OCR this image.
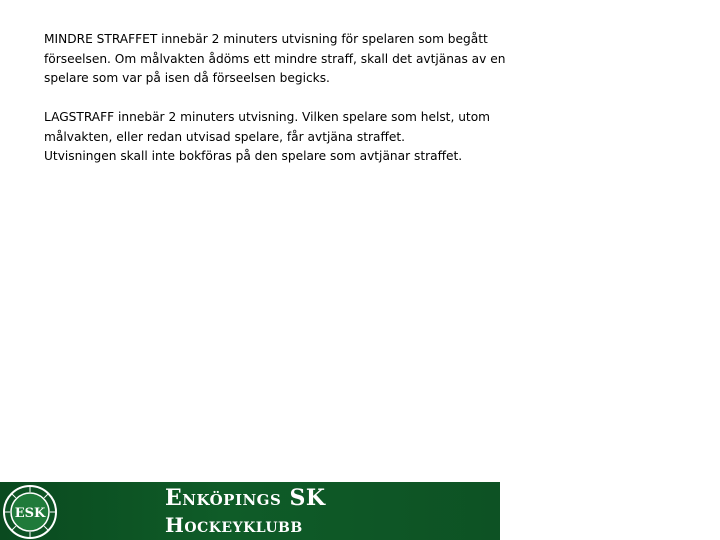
MINDRE STRAFFET innebär 2 minuters utvisning för spelaren som begått
förseelsen. Om målvakten ådöms ett mindre straff, skall det avtjänas av en
spelare som var på isen då förseelsen begicks.

LAGSTRAFF innebär 2 minuters utvisning. Vilken spelare som helst, utom
målvakten, eller redan utvisad spelare, får avtjäna straffet.
Utvisningen skall inte bokföras på den spelare som avtjänar straffet.

ESK
Enköpings SK
Hockeyklubb
